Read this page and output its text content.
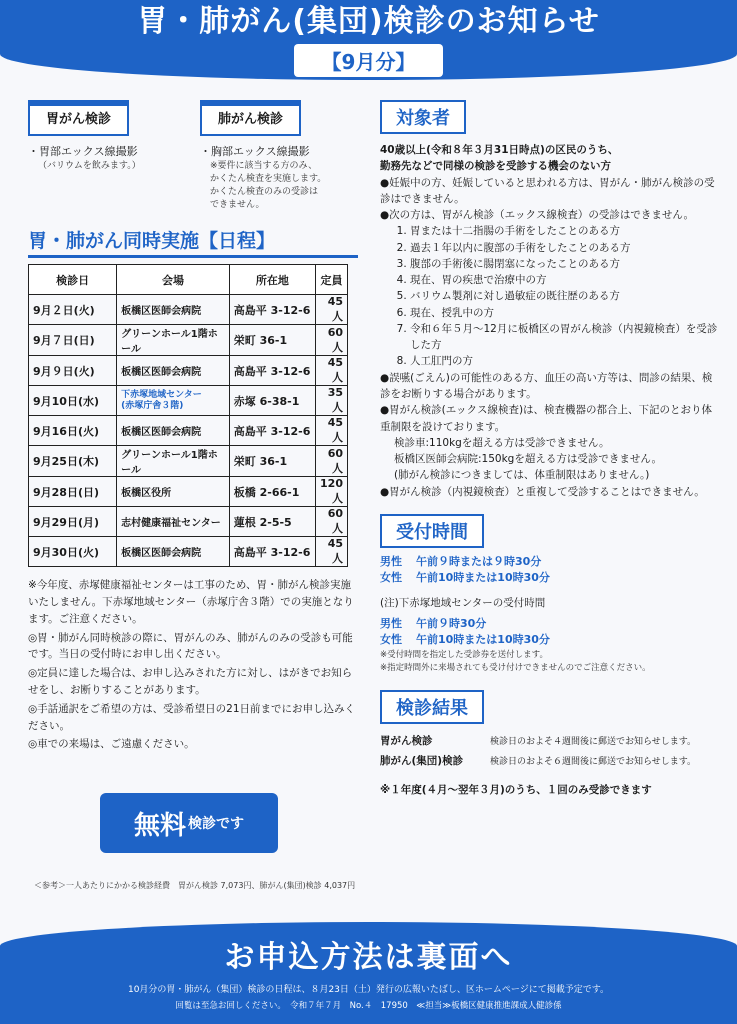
胃・肺がん(集団)検診のお知らせ
【9月分】
胃がん検診
・胃部エックス線撮影
（バリウムを飲みます。）
肺がん検診
・胸部エックス線撮影
※要件に該当する方のみ、
かくたん検査を実施します。
かくたん検査のみの受診は
できません。
胃・肺がん同時実施【日程】
検診日	会場	所在地	定員
9月２日(火)	板橋区医師会病院	高島平 3-12-6	45人
9月７日(日)	グリーンホール1階ホール	栄町 36-1	60人
9月９日(火)	板橋区医師会病院	高島平 3-12-6	45人
9月10日(水)	下赤塚地域センター
(赤塚庁舎３階)	赤塚 6-38-1	35人
9月16日(火)	板橋区医師会病院	高島平 3-12-6	45人
9月25日(木)	グリーンホール1階ホール	栄町 36-1	60人
9月28日(日)	板橋区役所	板橋 2-66-1	120人
9月29日(月)	志村健康福祉センター	蓮根 2-5-5	60人
9月30日(火)	板橋区医師会病院	高島平 3-12-6	45人

※今年度、赤塚健康福祉センターは工事のため、胃・肺がん検診実施いたしません。下赤塚地域センター（赤塚庁舎３階）での実施となります。ご注意ください。

◎胃・肺がん同時検診の際に、胃がんのみ、肺がんのみの受診も可能です。当日の受付時にお申し出ください。

◎定員に達した場合は、お申し込みされた方に対し、はがきでお知らせをし、お断りすることがあります。

◎手話通訳をご希望の方は、受診希望日の21日前までにお申し込みください。

◎車での来場は、ご遠慮ください。

無料 検診です
＜参考＞一人あたりにかかる検診経費　胃がん検診 7,073円、肺がん(集団)検診 4,037円
対象者

40歳以上(令和８年３月31日時点)の区民のうち、

勤務先などで同様の検診を受診する機会のない方

●妊娠中の方、妊娠していると思われる方は、胃がん・肺がん検診の受診はできません。

●次の方は、胃がん検診（エックス線検査）の受診はできません。

1. 胃または十二指腸の手術をしたことのある方
2. 過去１年以内に腹部の手術をしたことのある方
3. 腹部の手術後に腸閉塞になったことのある方
4. 現在、胃の疾患で治療中の方
5. バリウム製剤に対し過敏症の既往歴のある方
6. 現在、授乳中の方
7. 令和６年５月～12月に板橋区の胃がん検診（内視鏡検査）を受診した方
8. 人工肛門の方

●誤嚥(ごえん)の可能性のある方、血圧の高い方等は、問診の結果、検診をお断りする場合があります。

●胃がん検診(エックス線検査)は、検査機器の都合上、下記のとおり体重制限を設けております。

検診車:110kgを超える方は受診できません。

板橋区医師会病院:150kgを超える方は受診できません。

(肺がん検診につきましては、体重制限はありません。)

●胃がん検診（内視鏡検査）と重複して受診することはできません。

受付時間
男性 午前９時または９時30分
女性 午前10時または10時30分
(注)下赤塚地域センターの受付時間
男性 午前９時30分
女性 午前10時または10時30分
※受付時間を指定した受診券を送付します。
※指定時間外に来場されても受け付けできませんのでご注意ください。
検診結果
胃がん検診	検診日のおよそ４週間後に郵送でお知らせします。
肺がん(集団)検診	検診日のおよそ６週間後に郵送でお知らせします。
※１年度(４月～翌年３月)のうち、１回のみ受診できます
お申込方法は裏面へ
10月分の胃・肺がん（集団）検診の日程は、８月23日（土）発行の広報いたばし、区ホームページにて掲載予定です。
回覧は至急お回しください。　令和７年７月　No.４　17950　≪担当≫板橋区健康推進課成人健診係
